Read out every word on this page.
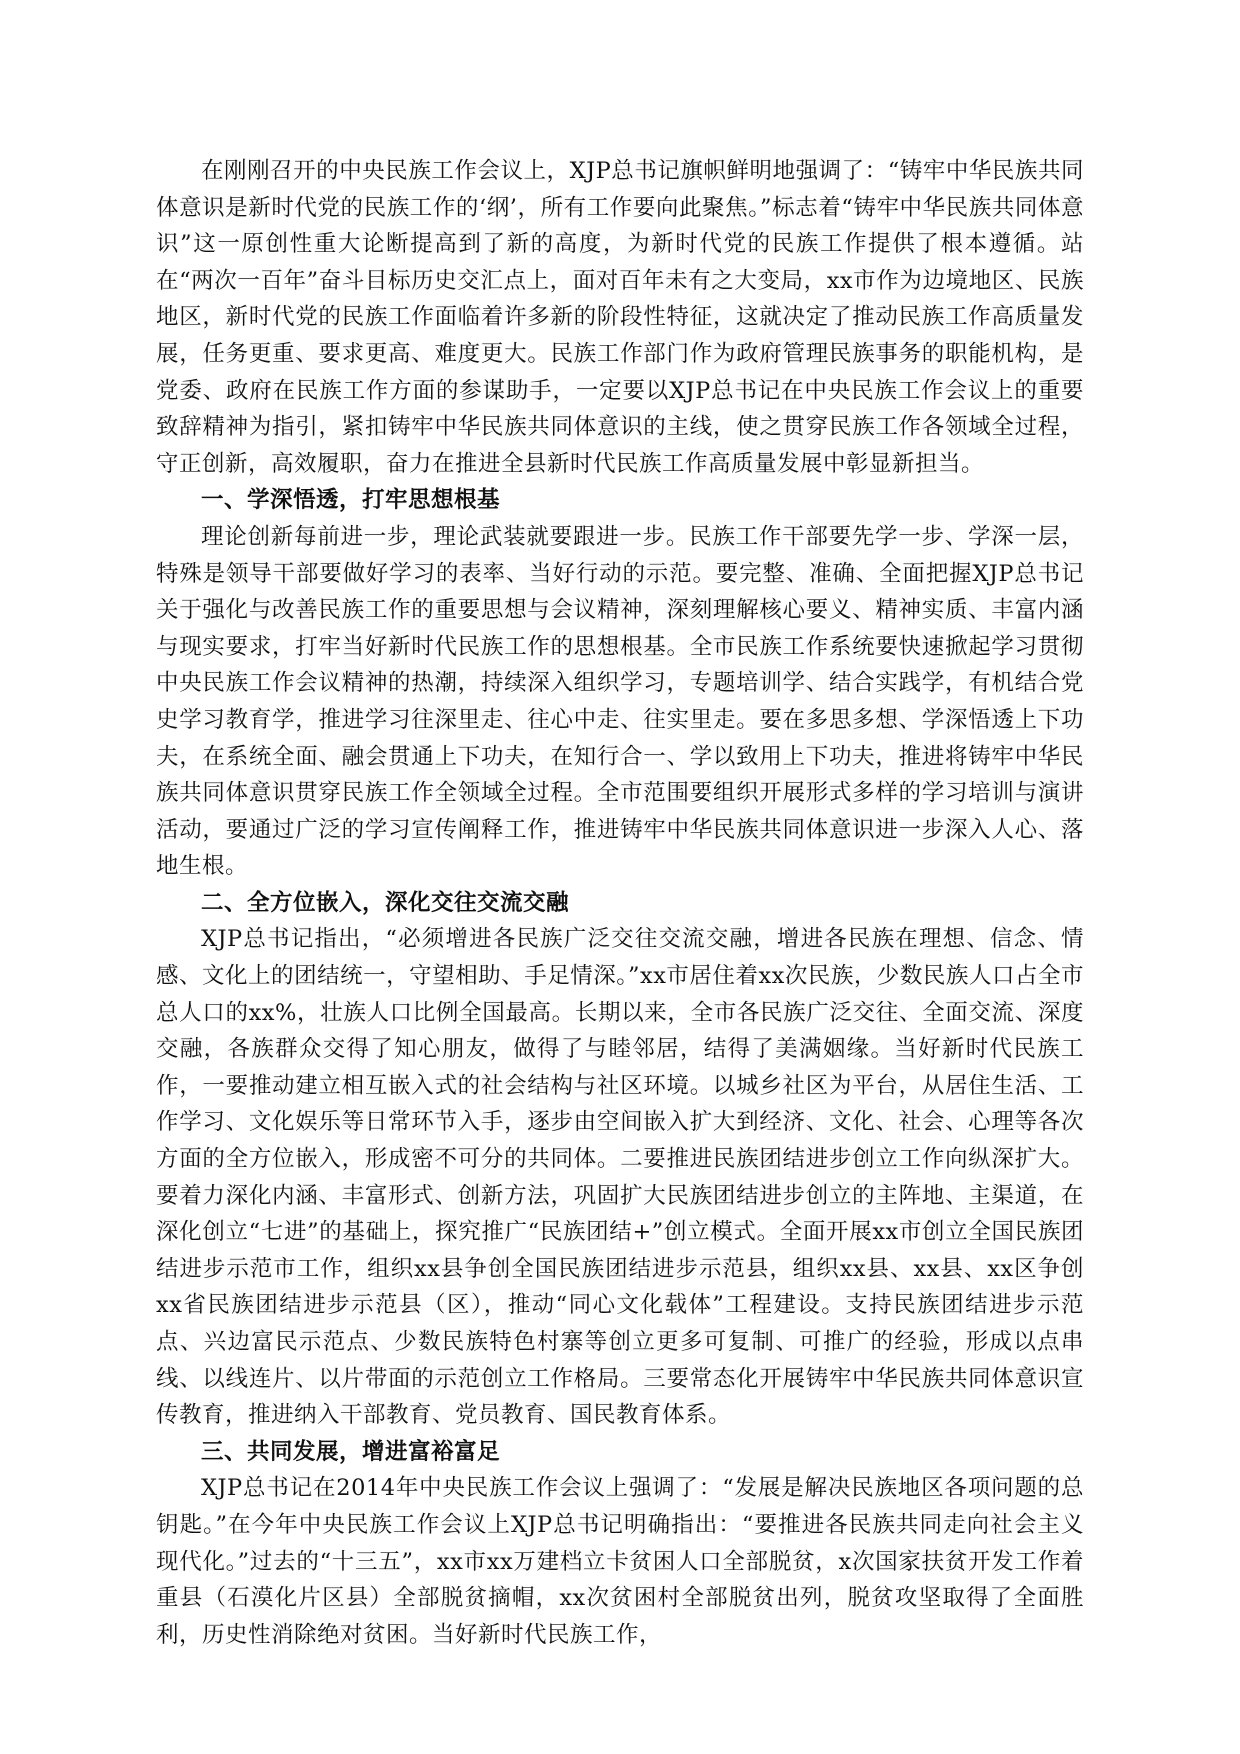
在刚刚召开的中央民族工作会议上，XJP总书记旗帜鲜明地强调了：“铸牢中华民族共同体意识是新时代党的民族工作的‘纲’，所有工作要向此聚焦。”标志着“铸牢中华民族共同体意识”这一原创性重大论断提高到了新的高度，为新时代党的民族工作提供了根本遵循。站在“两次一百年”奋斗目标历史交汇点上，面对百年未有之大变局，xx市作为边境地区、民族地区，新时代党的民族工作面临着许多新的阶段性特征，这就决定了推动民族工作高质量发展，任务更重、要求更高、难度更大。民族工作部门作为政府管理民族事务的职能机构，是党委、政府在民族工作方面的参谋助手，一定要以XJP总书记在中央民族工作会议上的重要致辞精神为指引，紧扣铸牢中华民族共同体意识的主线，使之贯穿民族工作各领域全过程，守正创新，高效履职，奋力在推进全县新时代民族工作高质量发展中彰显新担当。

一、学深悟透，打牢思想根基

理论创新每前进一步，理论武装就要跟进一步。民族工作干部要先学一步、学深一层，特殊是领导干部要做好学习的表率、当好行动的示范。要完整、准确、全面把握XJP总书记关于强化与改善民族工作的重要思想与会议精神，深刻理解核心要义、精神实质、丰富内涵与现实要求，打牢当好新时代民族工作的思想根基。全市民族工作系统要快速掀起学习贯彻中央民族工作会议精神的热潮，持续深入组织学习，专题培训学、结合实践学，有机结合党史学习教育学，推进学习往深里走、往心中走、往实里走。要在多思多想、学深悟透上下功夫，在系统全面、融会贯通上下功夫，在知行合一、学以致用上下功夫，推进将铸牢中华民族共同体意识贯穿民族工作全领域全过程。全市范围要组织开展形式多样的学习培训与演讲活动，要通过广泛的学习宣传阐释工作，推进铸牢中华民族共同体意识进一步深入人心、落地生根。

二、全方位嵌入，深化交往交流交融

XJP总书记指出，“必须增进各民族广泛交往交流交融，增进各民族在理想、信念、情感、文化上的团结统一，守望相助、手足情深。”xx市居住着xx次民族，少数民族人口占全市总人口的xx%，壮族人口比例全国最高。长期以来，全市各民族广泛交往、全面交流、深度交融，各族群众交得了知心朋友，做得了与睦邻居，结得了美满姻缘。当好新时代民族工作，一要推动建立相互嵌入式的社会结构与社区环境。以城乡社区为平台，从居住生活、工作学习、文化娱乐等日常环节入手，逐步由空间嵌入扩大到经济、文化、社会、心理等各次方面的全方位嵌入，形成密不可分的共同体。二要推进民族团结进步创立工作向纵深扩大。要着力深化内涵、丰富形式、创新方法，巩固扩大民族团结进步创立的主阵地、主渠道，在深化创立“七进”的基础上，探究推广“民族团结+”创立模式。全面开展xx市创立全国民族团结进步示范市工作，组织xx县争创全国民族团结进步示范县，组织xx县、xx县、xx区争创xx省民族团结进步示范县（区），推动“同心文化载体”工程建设。支持民族团结进步示范点、兴边富民示范点、少数民族特色村寨等创立更多可复制、可推广的经验，形成以点串线、以线连片、以片带面的示范创立工作格局。三要常态化开展铸牢中华民族共同体意识宣传教育，推进纳入干部教育、党员教育、国民教育体系。

三、共同发展，增进富裕富足

XJP总书记在2014年中央民族工作会议上强调了：“发展是解决民族地区各项问题的总钥匙。”在今年中央民族工作会议上XJP总书记明确指出：“要推进各民族共同走向社会主义现代化。”过去的“十三五”，xx市xx万建档立卡贫困人口全部脱贫，x次国家扶贫开发工作着重县（石漠化片区县）全部脱贫摘帽，xx次贫困村全部脱贫出列，脱贫攻坚取得了全面胜利，历史性消除绝对贫困。当好新时代民族工作，
